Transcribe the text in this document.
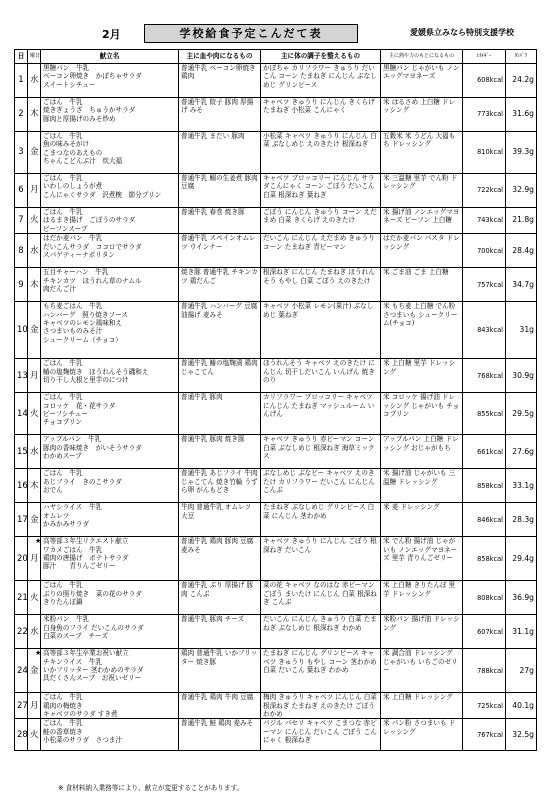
2月	学校給食予定こんだて表	愛媛県立みなら特別支援学校
日	曜日	献立名	主に血や肉になるもの	主に体の調子を整えるもの	主に熱や力のもとになるもの	ｴﾈﾙｷﾞｰ	ﾀﾝﾊﾟｸ
1	水	黒糖パン　牛乳
ベーコン卵焼き　かぼちゃサラダ
スイートシチュー	普通牛乳 ベーコン卵焼き 鶏肉	かぼちゃ カリフラワー きゅうり だいこん コーン たまねぎ にんじん ぶなしめじ グリンピース	黒糖パン じゃがいも ノンエッグマヨネーズ	608kcal	24.2g
2	木	ごはん　牛乳
焼きぎょうざ　ちゅうかサラダ
豚肉と厚揚げのみそ炒め	普通牛乳 餃子 豚肉 厚揚げ みそ	キャベツ きゅうり にんじん きくらげ たまねぎ 小松菜 こんにゃく	米 はるさめ 上白糖 ドレッシング	773kcal	31.6g
3	金	ごはん　牛乳
魚の味みそがけ
こまつなのあえもの
ちゃんこどんぶ汁　炊大福	普通牛乳 まだい 豚肉	小松菜 キャベツ きゅうり にんじん 白菜 ぶなしめじ えのきたけ 根深ねぎ	五穀米 米 うどん 大福もち ドレッシング	810kcal	39.3g
6	月	ごはん　牛乳
いわしのしょうが煮
こんにゃくサラダ　沢煮椀　節分プリン	普通牛乳 鰯の生姜煮 豚肉 豆腐	キャベツ ブロッコリー にんじん サラダこんにゃく コーン ごぼう だいこん 白菜 根深ねぎ 葉ねぎ	米 三温糖 里芋 でん粉 ドレッシング	722kcal	32.9g
7	火	ごはん　牛乳
はるまき揚げ　ごぼうのサラダ
ビーフンスープ	普通牛乳 春巻 焼き豚	ごぼう にんじん きゅうり コーン えだまめ 白菜 きくらげ えのきたけ	米 揚げ油 ノンエッグマヨネーズ ビーフン 上白糖	743kcal	21.8g
8	水	はだか麦パン　牛乳
だいこんサラダ　ココロでサラダ
スパゲティーナポリタン	普通牛乳 スペインオムレツ ウインナー	だいこん にんじん えだまめ きゅうり コーン たまねぎ 青ピーマン	はだか麦パン パスタ ドレッシング	700kcal	28.4g
9	木	五目チャーハン　牛乳
チキンカツ　ほうれん草のナムル
肉だんご汁	焼き豚 普通牛乳 チキンカツ 鶏だんご	根深ねぎ にんじん たまねぎ ほうれんそう もやし 白菜 ごぼう えのきたけ	米 ごま油 ごま 上白糖	757kcal	34.7g
10	金	もち麦ごはん　牛乳
ハンバーグ　照り焼きソース
キャベツのレモン風味和え
さつまいものみそ汁
シュークリーム（チョコ）	普通牛乳 ハンバーグ 豆腐 油揚げ 麦みそ	キャベツ 小松菜 レモン(果汁) ぶなしめじ 葉ねぎ	米 もち麦 上白糖 でん粉 さつまいも シュークリーム(チョコ)	843kcal	31g
13	月	ごはん　牛乳
鰆の塩麹焼き　ほうれんそう磯和え
切り干し大根と里芋のにつけ	普通牛乳 鰆の塩麹漬 鶏肉 じゃこてん	ほうれんそう キャベツ えのきたけ にんじん 切干しだいこん いんげん 焼きのり	米 上白糖 里芋 ドレッシング	768kcal	30.9g
14	火	ごはん　牛乳
コロッケ　花・花サラダ
ビーフシチュー
チョコプリン	普通牛乳 豚肉	カリフラワー ブロッコリー キャベツ にんじん たまねぎ マッシュルーム いんげん	米 コロッケ 揚げ油 ドレッシング じゃがいも チョコプリン	855kcal	29.5g
15	水	アップルパン　牛乳
豚肉の香味焼き　がいそうサラダ
わかめスープ	普通牛乳 豚肉 焼き豚	キャベツ きゅうり 赤ピーマン コーン 白菜 ぶなしめじ 根深ねぎ 海草ミックス	アップルパン 上白糖 ドレッシング おじゃがもち	661kcal	27.6g
16	木	ごはん　牛乳
あじフライ　きのこサラダ
おでん	普通牛乳 あじフライ 牛肉 じゃこてん 焼き竹輪 うずら卵 がんもどき	ぶなしめじ ぶなピー キャベツ えのきたけ カリフラワー だいこん にんじん こんぶ	米 揚げ油 じゃがいも 三温糖 ドレッシング	858kcal	33.1g
17	金	ハヤシライス　牛乳
オムレツ
かみかみサラダ	牛肉 普通牛乳 オムレツ 大豆	たまねぎ ぶなしめじ グリンピース 白菜 にんじん 茎わかめ	米 麦 ドレッシング	846kcal	28.3g
20	月	★ 高等部３年生リクエスト献立
ワカメごはん　牛乳
鶏肉の唐揚げ　ポテトサラダ
豚汁　　青りんごゼリー	普通牛乳 鶏肉 豚肉 豆腐 麦みそ	キャベツ きゅうり にんじん ごぼう 根深ねぎ だいこん	米 でん粉 揚げ油 じゃがいも ノンエッグマヨネーズ 里芋 青りんごゼリー	858kcal	29.4g
21	火	ごはん　牛乳
ぶりの照り焼き　菜の花のサラダ
きりたんぽ鍋	普通牛乳 ぶり 厚揚げ 豚肉 こんぶ	菜の花 キャベツ なのはな 赤ピーマン ごぼう まいたけ にんじん 白菜 根深ねぎ こんぶ	米 上白糖 きりたんぽ 里芋 ドレッシング	808kcal	36.9g
22	水	米粉パン　牛乳
白身魚のフライ だいこんのサラダ
白菜のスープ　チーズ	普通牛乳 豚肉 チーズ	だいこん にんじん きゅうり 白菜 たまねぎ ぶなしめじ 根深ねぎ わかめ	米粉パン 揚げ油 ドレッシング	607kcal	31.1g
24	金	★ 高等部３年生卒業お祝い献立
チキンライス　牛乳
いかフリッター 茎わかめのサラダ
具だくさんスープ　お祝いゼリー	鶏肉 普通牛乳 いかフリッター 焼き豚	たまねぎ にんじん グリンピース キャベツ きゅうり もやし コーン 茎わかめ 白菜 だいこん 葉ねぎ わかめ	米 調合油 ドレッシング じゃがいも いちごのゼリー	788kcal	27g
27	月	ごはん　牛乳
鶏肉の梅焼き
キャベツのサラダ すき煮	普通牛乳 鶏肉 牛肉 豆腐	梅肉 きゅうり キャベツ にんじん 白菜 根深ねぎ たまねぎ えのきたけ ごぼう わかめ	米 上白糖 ドレッシング	725kcal	40.1g
28	火	ごはん　牛乳
鮭の香草焼き
小松菜のサラダ　さつま汁	普通牛乳 鮭 鶏肉 麦みそ	パジル パセリ キャベツ こまつな 赤ピーマン にんじん だいこん ごぼう こんにゃく 根深ねぎ	米 パン粉 さつまいも ドレッシング	767kcal	32.5g
※ 食材料納入業務等により、献立が変更することがあります。
